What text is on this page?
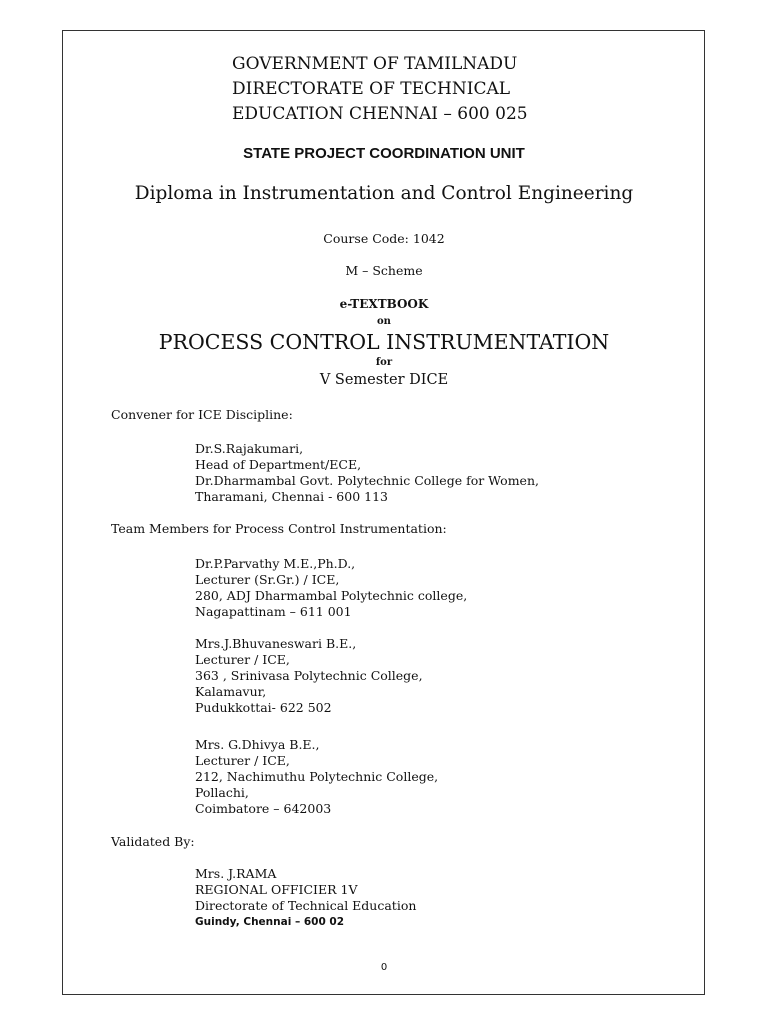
GOVERNMENT OF TAMILNADU
DIRECTORATE OF TECHNICAL
EDUCATION CHENNAI – 600 025
STATE PROJECT COORDINATION UNIT
Diploma in Instrumentation and Control Engineering
Course Code: 1042
M – Scheme
e-TEXTBOOK
on
PROCESS CONTROL INSTRUMENTATION
for
V Semester DICE
Convener for ICE Discipline:
Dr.S.Rajakumari,
Head of Department/ECE,
Dr.Dharmambal Govt. Polytechnic College for Women,
Tharamani, Chennai - 600 113
Team Members for Process Control Instrumentation:
Dr.P.Parvathy M.E.,Ph.D.,
Lecturer (Sr.Gr.) / ICE,
280, ADJ Dharmambal Polytechnic college,
Nagapattinam – 611 001
Mrs.J.Bhuvaneswari B.E.,
Lecturer / ICE,
363 , Srinivasa Polytechnic College,
Kalamavur,
Pudukkottai- 622 502
Mrs. G.Dhivya B.E.,
Lecturer / ICE,
212, Nachimuthu Polytechnic College,
Pollachi,
Coimbatore – 642003
Validated By:
Mrs. J.RAMA
REGIONAL OFFICIER 1V
Directorate of Technical Education
Guindy, Chennai – 600 02
0
